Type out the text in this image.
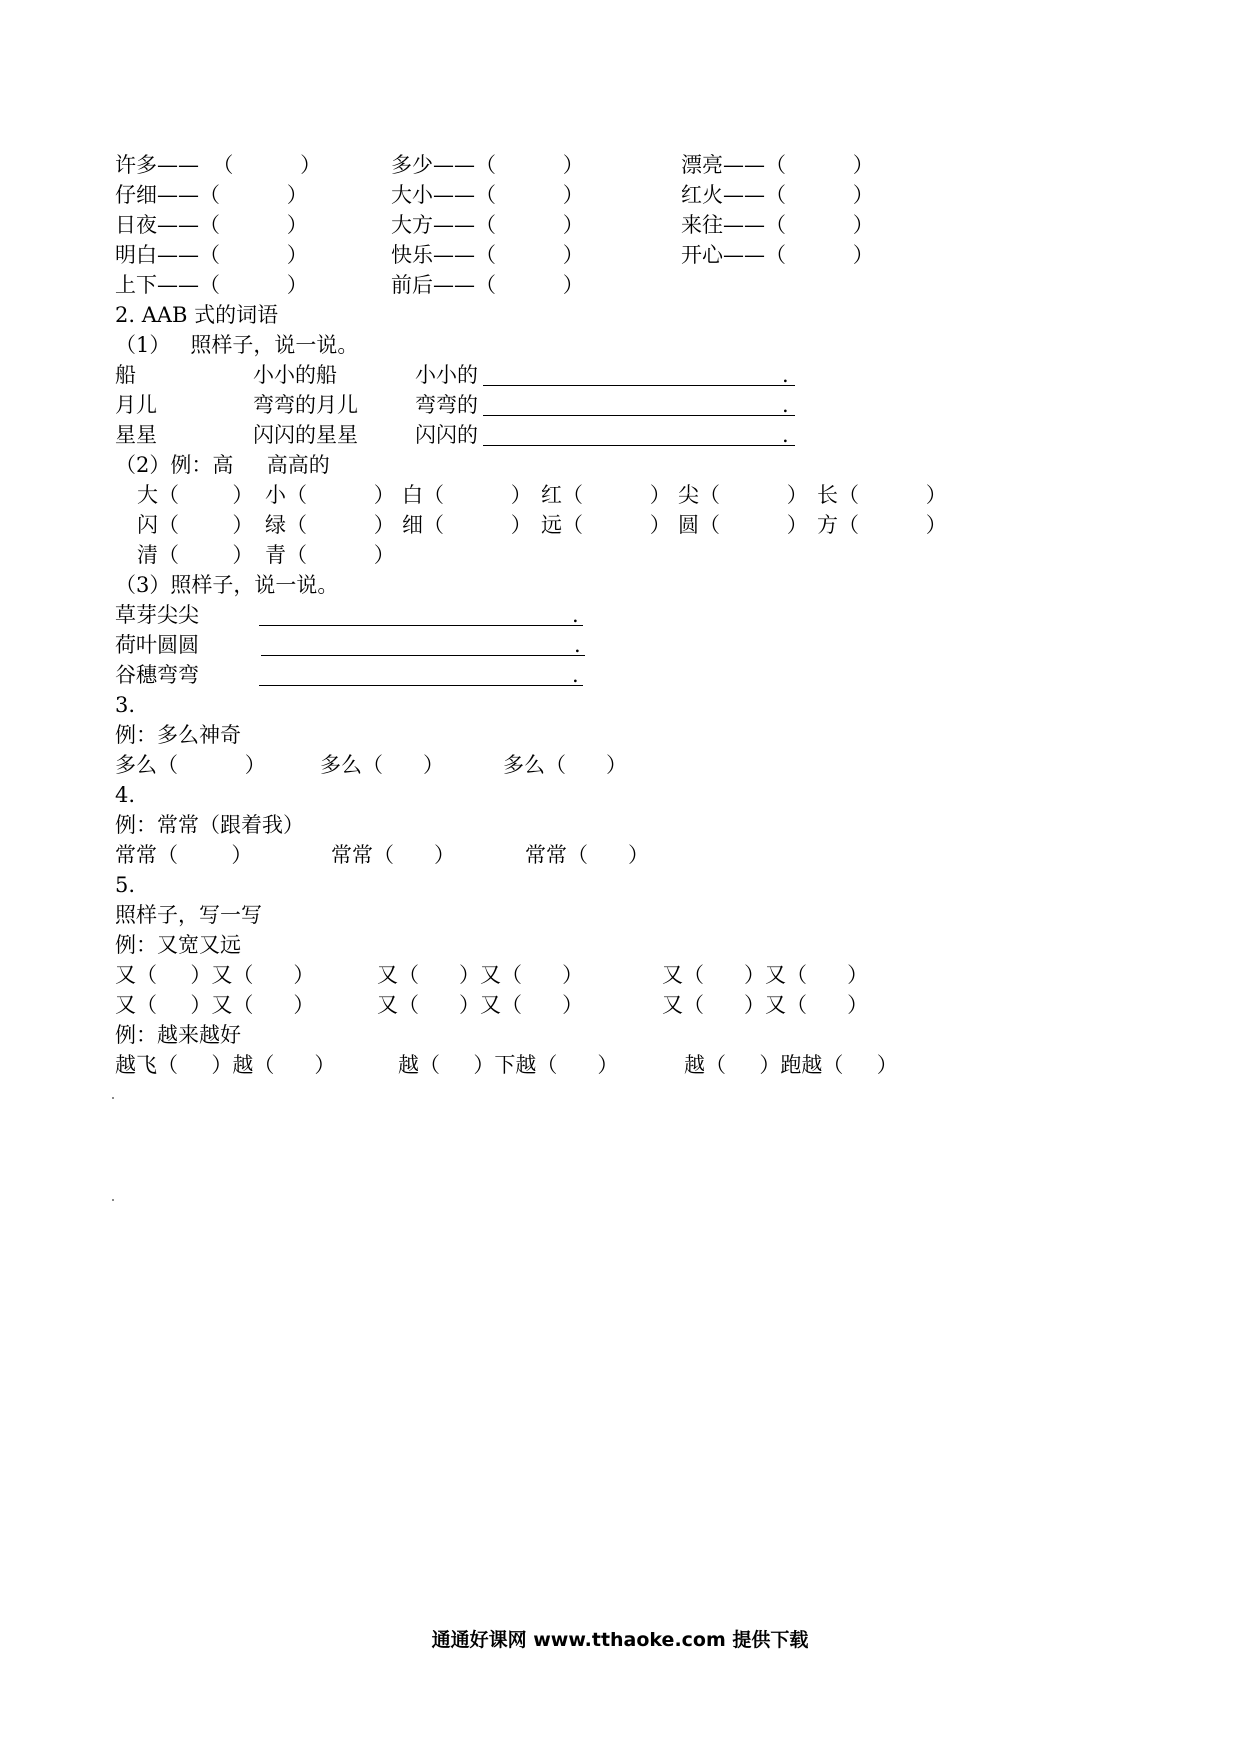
许多——  （          ）	多少——（          ）	漂亮——（          ）
仔细——（          ）	大小——（          ）	红火——（          ）
日夜——（          ）	大方——（          ）	来往——（          ）
明白——（          ）	快乐——（          ）	开心——（          ）
上下——（          ）	前后——（          ）
2. AAB 式的词语
（1）   照样子，说一说。
船	小小的船	小小的	.
月儿	弯弯的月儿	弯弯的	.
星星	闪闪的星星	闪闪的	.
（2）例：高     高高的
大（        ） 小（          ） 白（          ） 红（          ） 尖（          ） 长（          ）
闪（        ） 绿（          ） 细（          ） 远（          ） 圆（          ） 方（          ）
清（        ） 青（          ）
（3）照样子，说一说。
草芽尖尖	.
荷叶圆圆	.
谷穗弯弯	.
3.
例：多么神奇
多么（          ）	多么（      ）	多么（      ）
4.
例：常常（跟着我）
常常（        ）	常常（      ）	常常（      ）
5.
照样子，写一写
例：又宽又远
又（     ）又（      ）	又（      ）又（      ）	又（      ）又（      ）
又（     ）又（      ）	又（      ）又（      ）	又（      ）又（      ）
例：越来越好
越飞（     ）越（      ）	越（     ）下越（      ）	越（     ）跑越（     ）
通通好课网 www.tthaoke.com 提供下载
